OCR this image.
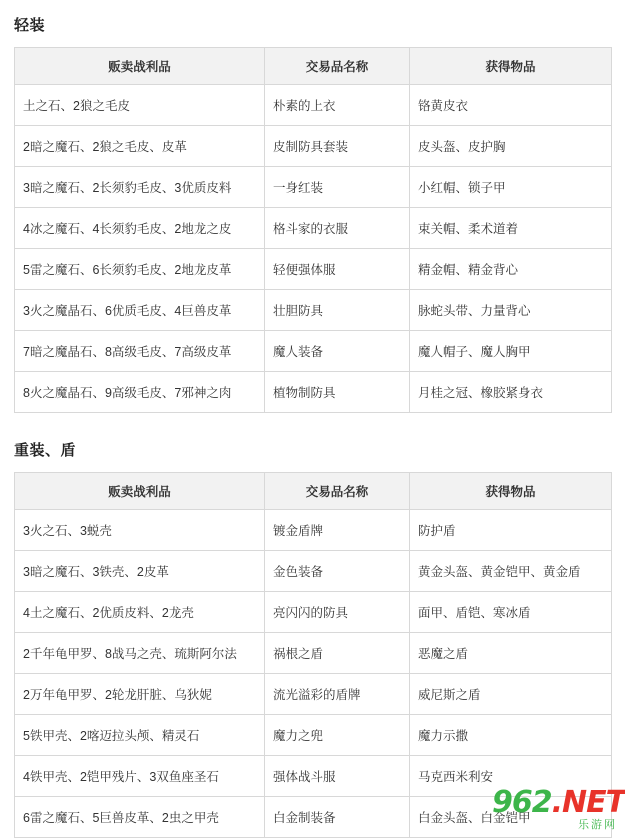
轻装
贩卖战利品	交易品名称	获得物品
土之石、2狼之毛皮	朴素的上衣	铬黄皮衣
2暗之魔石、2狼之毛皮、皮革	皮制防具套装	皮头盔、皮护胸
3暗之魔石、2长须豹毛皮、3优质皮料	一身红装	小红帽、锁子甲
4冰之魔石、4长须豹毛皮、2地龙之皮	格斗家的衣服	束关帽、柔术道着
5雷之魔石、6长须豹毛皮、2地龙皮革	轻便强体服	精金帽、精金背心
3火之魔晶石、6优质毛皮、4巨兽皮革	壮胆防具	脉蛇头带、力量背心
7暗之魔晶石、8高级毛皮、7高级皮革	魔人装备	魔人帽子、魔人胸甲
8火之魔晶石、9高级毛皮、7邪神之肉	植物制防具	月桂之冠、橡胶紧身衣
重装、盾
贩卖战利品	交易品名称	获得物品
3火之石、3蜕壳	镀金盾牌	防护盾
3暗之魔石、3铁壳、2皮革	金色装备	黄金头盔、黄金铠甲、黄金盾
4土之魔石、2优质皮料、2龙壳	亮闪闪的防具	面甲、盾铠、寒冰盾
2千年龟甲罗、8战马之壳、琉斯阿尔法	祸根之盾	恶魔之盾
2万年龟甲罗、2轮龙肝脏、乌狄妮	流光溢彩的盾牌	威尼斯之盾
5铁甲壳、2喀迈拉头颅、精灵石	魔力之兜	魔力示撒
4铁甲壳、2铠甲残片、3双鱼座圣石	强体战斗服	马克西米利安
6雷之魔石、5巨兽皮革、2虫之甲壳	白金制装备	白金头盔、白金铠甲
962.NET
乐游网
